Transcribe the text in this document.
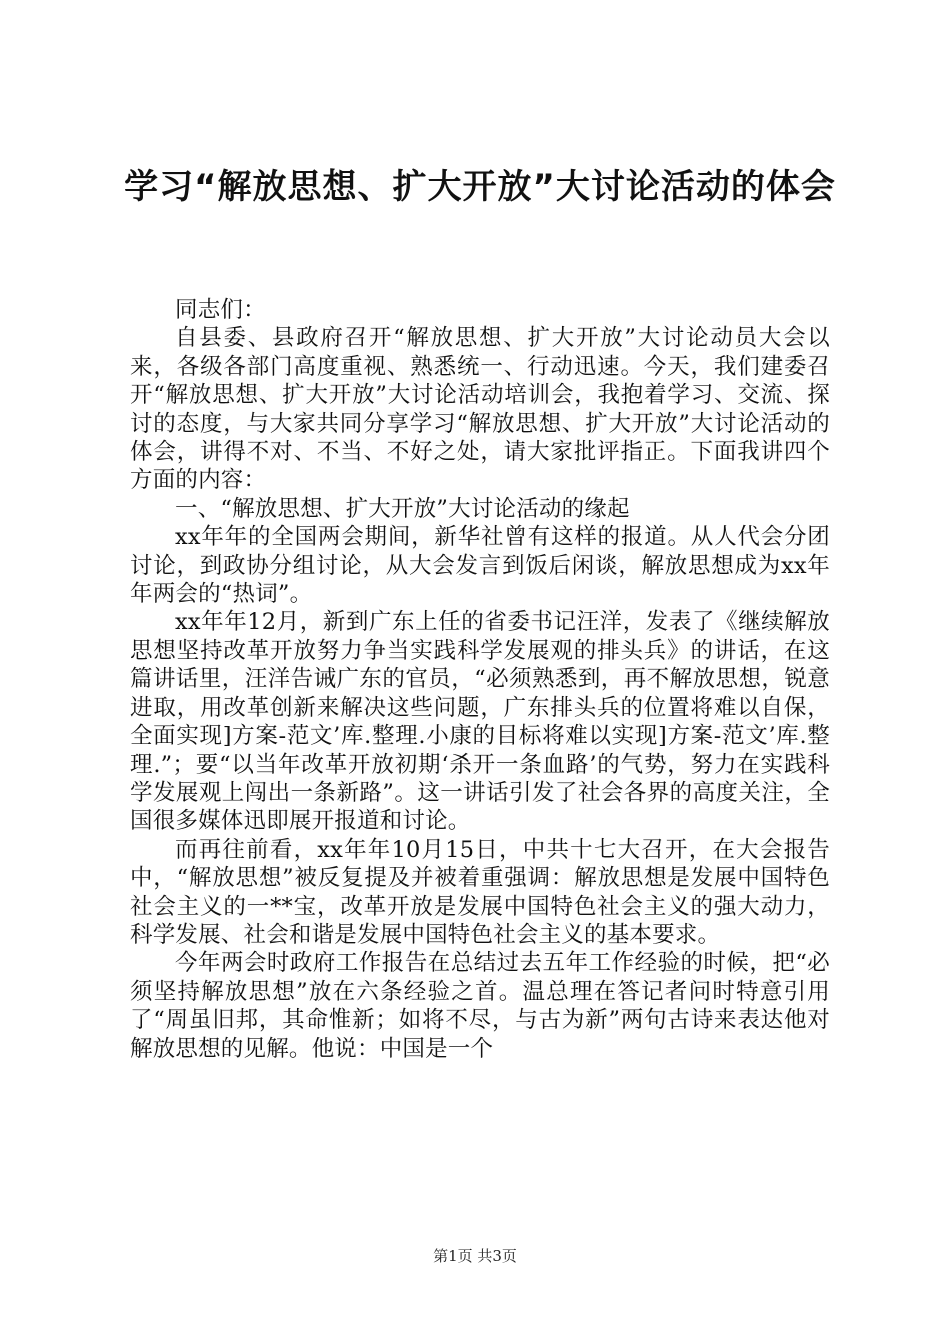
学习“解放思想、扩大开放”大讨论活动的体会

同志们：

自县委、县政府召开“解放思想、扩大开放”大讨论动员大会以来，各级各部门高度重视、熟悉统一、行动迅速。今天，我们建委召开“解放思想、扩大开放”大讨论活动培训会，我抱着学习、交流、探讨的态度，与大家共同分享学习“解放思想、扩大开放”大讨论活动的体会，讲得不对、不当、不好之处，请大家批评指正。下面我讲四个方面的内容：

一、“解放思想、扩大开放”大讨论活动的缘起

xx年年的全国两会期间，新华社曾有这样的报道。从人代会分团讨论，到政协分组讨论，从大会发言到饭后闲谈，解放思想成为xx年年两会的“热词”。

xx年年12月，新到广东上任的省委书记汪洋，发表了《继续解放思想坚持改革开放努力争当实践科学发展观的排头兵》的讲话，在这篇讲话里，汪洋告诫广东的官员，“必须熟悉到，再不解放思想，锐意进取，用改革创新来解决这些问题，广东排头兵的位置将难以自保，全面实现]方案-范文’库.整理.小康的目标将难以实现]方案-范文’库.整理.”；要“以当年改革开放初期‘杀开一条血路’的气势，努力在实践科学发展观上闯出一条新路”。这一讲话引发了社会各界的高度关注，全国很多媒体迅即展开报道和讨论。

而再往前看，xx年年10月15日，中共十七大召开，在大会报告中，“解放思想”被反复提及并被着重强调：解放思想是发展中国特色社会主义的一**宝，改革开放是发展中国特色社会主义的强大动力，科学发展、社会和谐是发展中国特色社会主义的基本要求。

今年两会时政府工作报告在总结过去五年工作经验的时候，把“必须坚持解放思想”放在六条经验之首。温总理在答记者问时特意引用了“周虽旧邦，其命惟新；如将不尽，与古为新”两句古诗来表达他对解放思想的见解。他说：中国是一个

第1页 共3页
